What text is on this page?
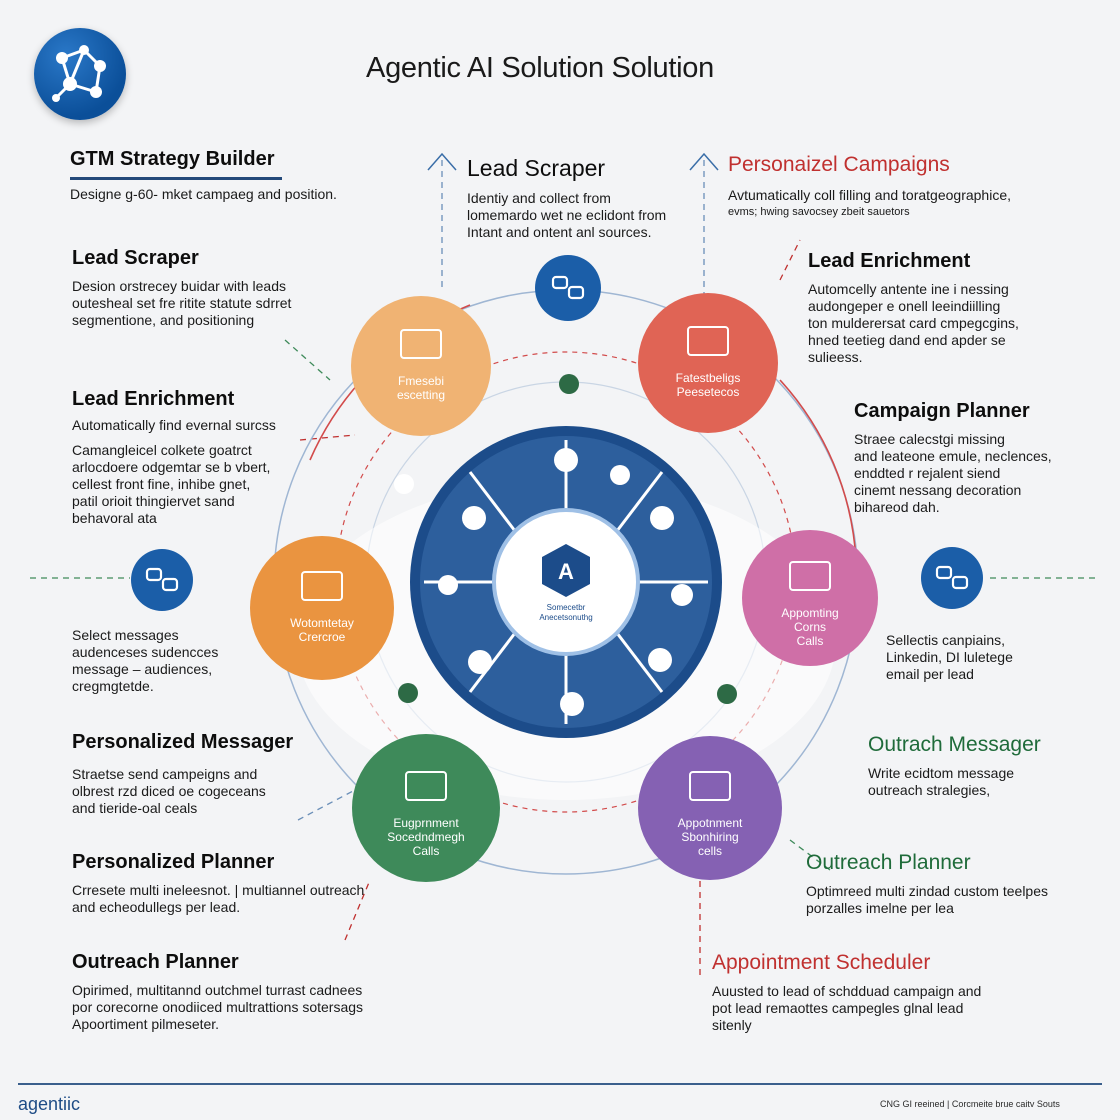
Agentic AI Solution Solution
Fmesebi
escetting
Fatestbeligs
Peesetecos
Wotomtetay
Crercroe
Appomting
Corns
Calls
Eugprnment
Socedndmegh
Calls
Appotnment
Sbonhiring
cells
A
Somecetbr
Anecetsonuthg

GTM Strategy Builder

Designe g-60- mket campaeg and position.

Lead Scraper

Desion orstrecey buidar with leads

outesheal set fre ritite statute sdrret

segmentione, and positioning

Lead Enrichment

Automatically find evernal surcss

Camangleicel colkete goatrct

arlocdoere odgemtar se b vbert,

cellest front fine, inhibe gnet,

patil orioit thingiervet sand

behavoral ata

Select messages

audenceses sudencces

message – audiences,

cregmgtetde.

Personalized Messager

Straetse send campeigns and

olbrest rzd diced oe cogeceans

and tieride-oal ceals

Personalized Planner

Crresete multi ineleesnot. | multiannel outreach

and echeodullegs per lead.

Outreach Planner

Opirimed, multitannd outchmel turrast cadnees

por corecorne onodiiced multrattions sotersags

Apoortiment pilmeseter.

Lead Scraper

Identiy and collect from

lomemardo wet ne eclidont from

Intant and ontent anl sources.

Personaizel Campaigns

Avtumatically coll filling and toratgeographice,

evms; hwing savocsey zbeit sauetors

Lead Enrichment

Automcelly antente ine i nessing

audongeper e onell leeindiilling

ton mulderersat card cmpegcgins,

hned teetieg dand end apder se

sulieess.

Campaign Planner

Straee calecstgi missing

and leateone emule, neclences,

enddted r rejalent siend

cinemt nessang decoration

bihareod dah.

Sellectis canpiains,

Linkedin, DI luletege

email per lead

Outrach Messager

Write ecidtom message

outreach stralegies,

Outreach Planner

Optimreed multi zindad custom teelpes

porzalles imelne per lea

Appointment Scheduler

Auusted to lead of schdduad campaign and

pot lead remaottes campegles glnal lead

sitenly

agentiic	CNG GI reeined | Corcmeite brue caitv Souts
